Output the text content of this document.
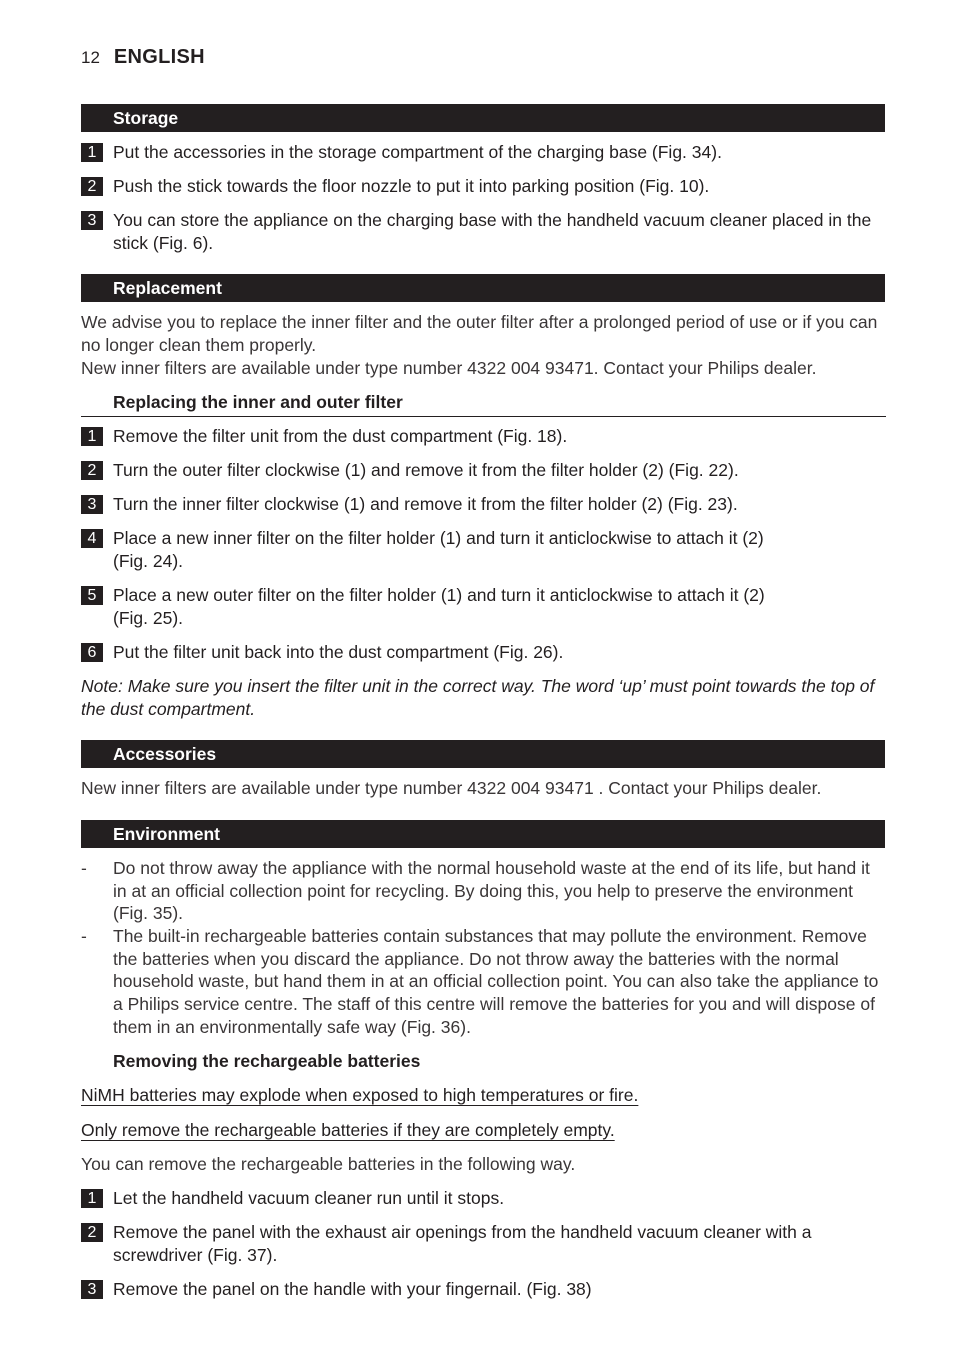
12 ENGLISH
Storage
1 Put the accessories in the storage compartment of the charging base (Fig. 34).
2 Push the stick towards the floor nozzle to put it into parking position (Fig. 10).
3 You can store the appliance on the charging base with the handheld vacuum cleaner placed in the stick (Fig. 6).
Replacement
We advise you to replace the inner filter and the outer filter after a prolonged period of use or if you can no longer clean them properly.
New inner filters are available under type number 4322 004 93471. Contact your Philips dealer.
Replacing the inner and outer filter
1 Remove the filter unit from the dust compartment (Fig. 18).
2 Turn the outer filter clockwise (1) and remove it from the filter holder (2) (Fig. 22).
3 Turn the inner filter clockwise (1) and remove it from the filter holder (2) (Fig. 23).
4 Place a new inner filter on the filter holder (1) and turn it anticlockwise to attach it (2) (Fig. 24).
5 Place a new outer filter on the filter holder (1) and turn it anticlockwise to attach it (2) (Fig. 25).
6 Put the filter unit back into the dust compartment (Fig. 26).
Note: Make sure you insert the filter unit in the correct way. The word ‘up’ must point towards the top of the dust compartment.
Accessories
New inner filters are available under type number 4322 004 93471 . Contact your Philips dealer.
Environment
- Do not throw away the appliance with the normal household waste at the end of its life, but hand it in at an official collection point for recycling. By doing this, you help to preserve the environment (Fig. 35).
- The built-in rechargeable batteries contain substances that may pollute the environment. Remove the batteries when you discard the appliance. Do not throw away the batteries with the normal household waste, but hand them in at an official collection point. You can also take the appliance to a Philips service centre. The staff of this centre will remove the batteries for you and will dispose of them in an environmentally safe way (Fig. 36).
Removing the rechargeable batteries
NiMH batteries may explode when exposed to high temperatures or fire.
Only remove the rechargeable batteries if they are completely empty.
You can remove the rechargeable batteries in the following way.
1 Let the handheld vacuum cleaner run until it stops.
2 Remove the panel with the exhaust air openings from the handheld vacuum cleaner with a screwdriver (Fig. 37).
3 Remove the panel on the handle with your fingernail. (Fig. 38)
